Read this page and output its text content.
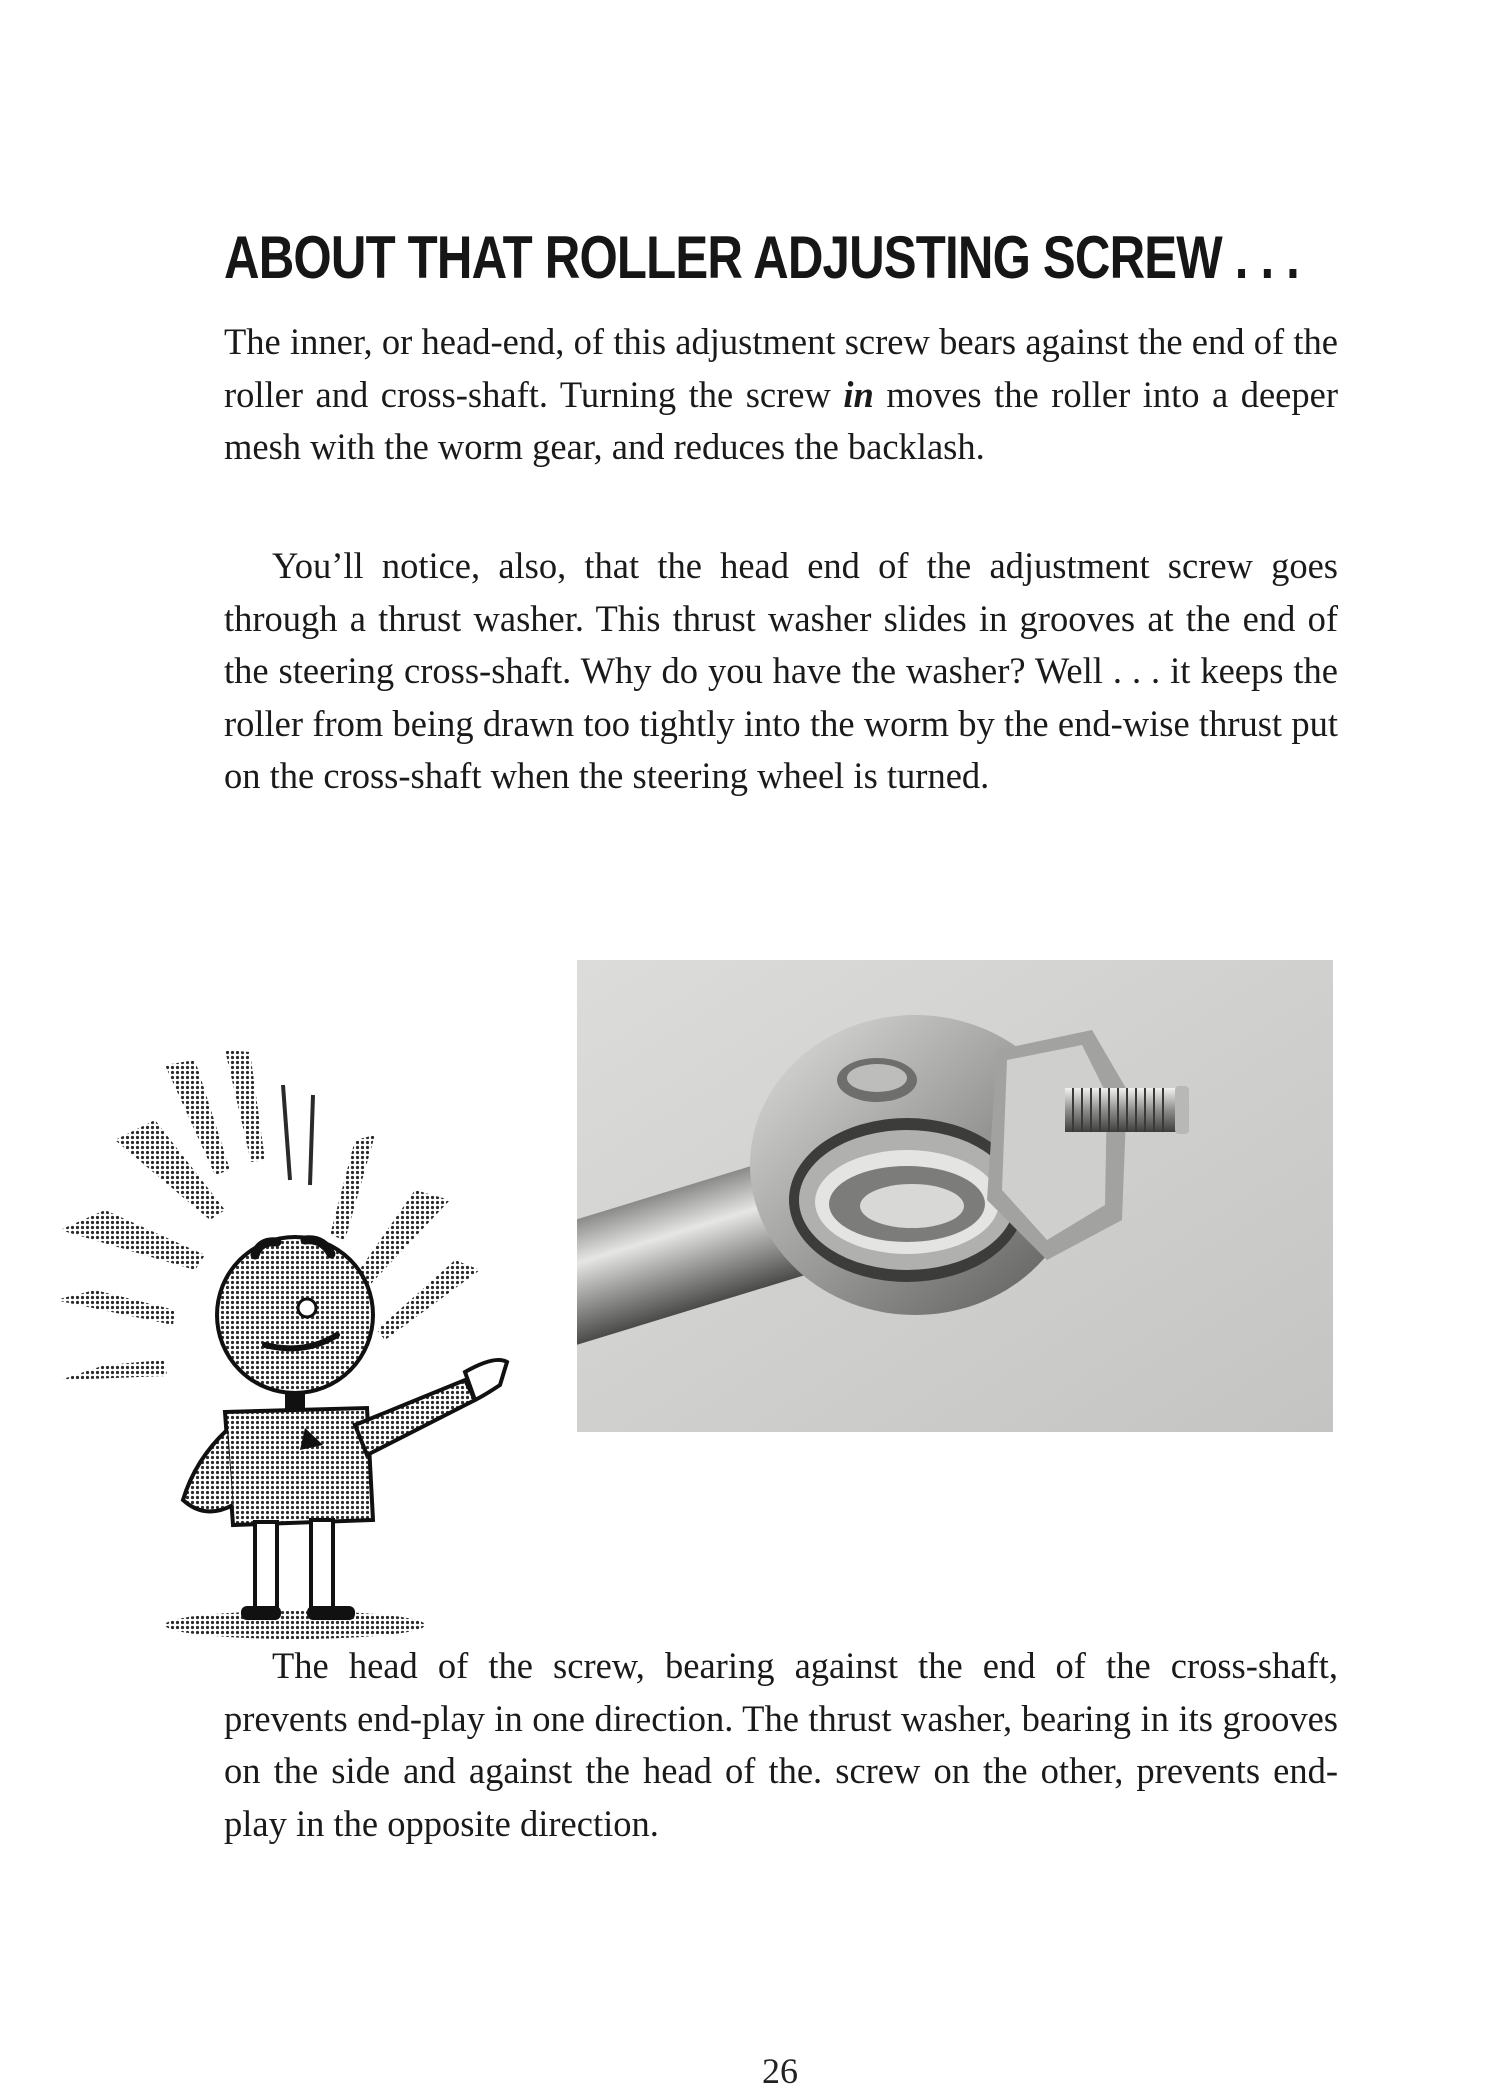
ABOUT THAT ROLLER ADJUSTING SCREW . . .

The inner, or head-end, of this adjustment screw bears against the end of the roller and cross-shaft. Turning the screw in moves the roller into a deeper mesh with the worm gear, and reduces the backlash.

You’ll notice, also, that the head end of the adjustment screw goes through a thrust washer. This thrust washer slides in grooves at the end of the steering cross-shaft. Why do you have the washer? Well . . . it keeps the roller from being drawn too tightly into the worm by the end-wise thrust put on the cross-shaft when the steering wheel is turned.

The head of the screw, bearing against the end of the cross-shaft, prevents end-play in one direction. The thrust washer, bearing in its grooves on the side and against the head of the. screw on the other, prevents end-play in the opposite direction.

26
